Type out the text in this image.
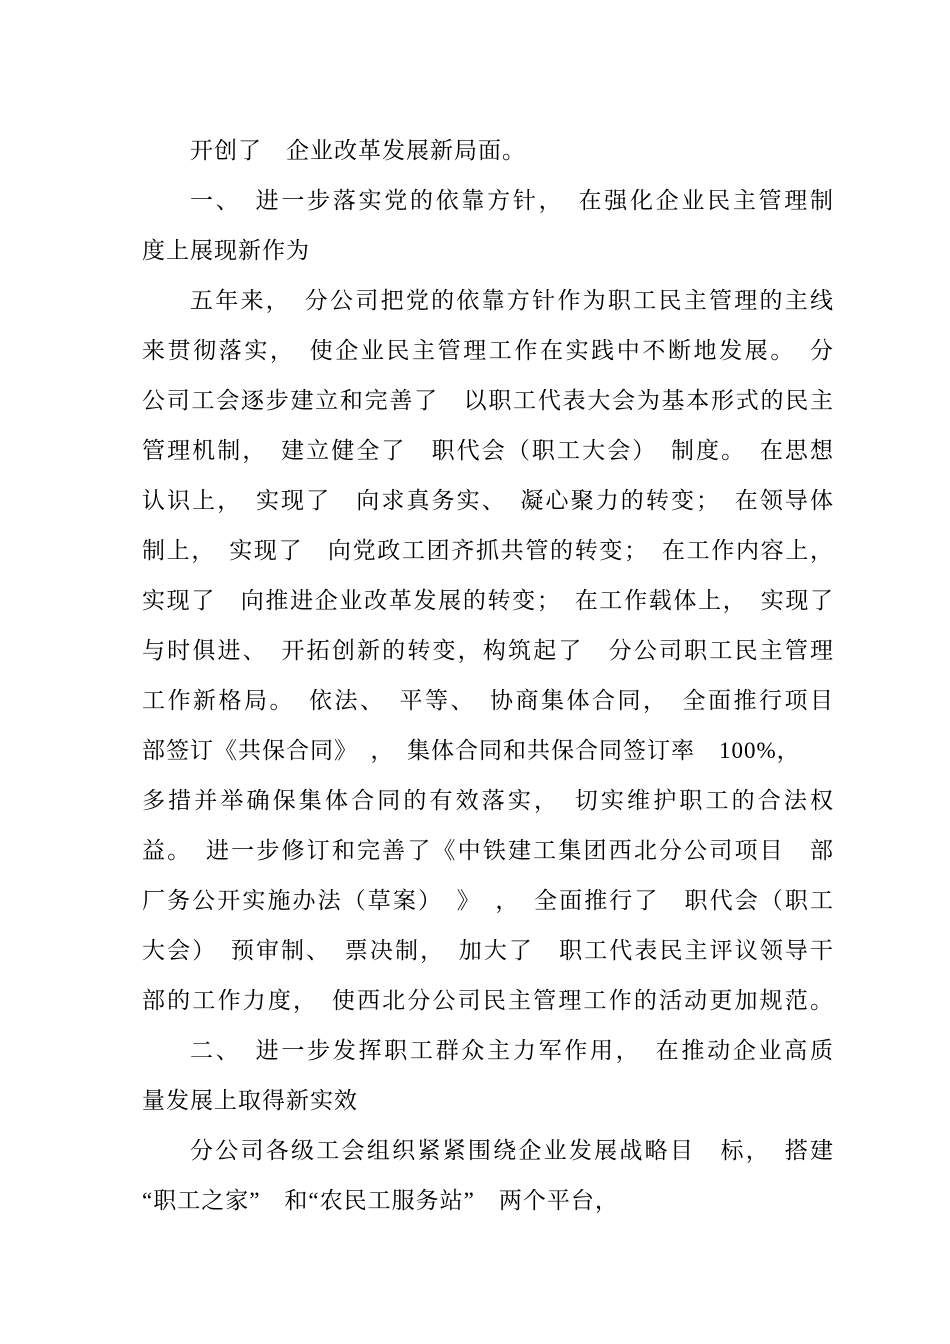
开创了　企业改革发展新局面。
一、　进一步落实党的依靠方针，　在强化企业民主管理制
度上展现新作为
五年来，　分公司把党的依靠方针作为职工民主管理的主线
来贯彻落实，　使企业民主管理工作在实践中不断地发展。　分
公司工会逐步建立和完善了　以职工代表大会为基本形式的民主
管理机制，　建立健全了　职代会（职工大会）　制度。　在思想
认识上，　实现了　向求真务实、　凝心聚力的转变；　在领导体
制上，　实现了　向党政工团齐抓共管的转变；　在工作内容上，
实现了　向推进企业改革发展的转变；　在工作载体上，　实现了
与时俱进、　开拓创新的转变，构筑起了　分公司职工民主管理
工作新格局。　依法、　平等、　协商集体合同，　全面推行项目
部签订《共保合同》　，　集体合同和共保合同签订率　100%，
多措并举确保集体合同的有效落实，　切实维护职工的合法权
益。　进一步修订和完善了《中铁建工集团西北分公司项目　部
厂务公开实施办法（草案）　》　，　全面推行了　职代会（职工
大会）　预审制、　票决制，　加大了　职工代表民主评议领导干
部的工作力度，　使西北分公司民主管理工作的活动更加规范。
二、　进一步发挥职工群众主力军作用，　在推动企业高质
量发展上取得新实效
分公司各级工会组织紧紧围绕企业发展战略目　标，　搭建
“职工之家”　和“农民工服务站”　两个平台，
